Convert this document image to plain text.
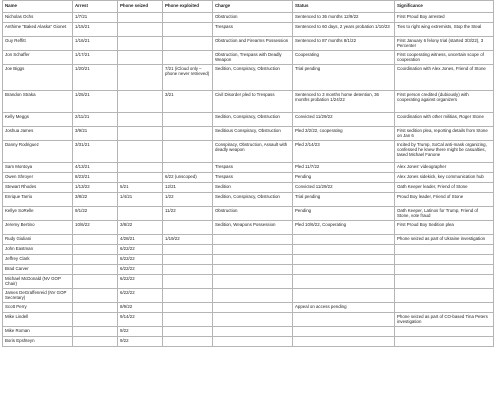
Name	Arrest	Phone seized	Phone exploited	Charge	Status	Significance
Nicholas Ochs	1/7/21			Obstruction	Sentenced to 36 months 12/9/22	First Proud Boy arrested
Anthime "Baked Alaska" Gionet	1/15/21			Trespass	Sentenced to 60 days, 2 years probation 1/10/23	Ties to right wing extremists, Stop the Steal
Guy Reffitt	1/16/21			Obstruction and Firearms Possession	Sentenced to 87 months 8/1/22	First January 6 felony trial (started 3/3/22), 3 Percenter
Jon Schaffer	1/17/21			Obstruction, Trespass with Deadly Weapon	Cooperating	First cooperating witness, uncertain scope of cooperation
Joe Biggs	1/20/21		7/21 (iCloud only – phone never retrieved)	Sedition, Conspiracy, Obstruction	Trial pending	Coordination with Alex Jones, Friend of Stone
Brandon Straka	1/25/21		3/21	Civil Disorder pled to Trespass	Sentenced to 3 months home detention, 36 months probation 1/24/22	First person credited (dubiously) with cooperating against organizers
Kelly Meggs	2/11/21			Sedition, Conspiracy, Obstruction	Convicted 11/29/22	Coordination with other militias, Roger Stone
Joshua James	3/9/21			Seditious Conspiracy, Obstruction	Pled 3/2/22, cooperating	First sedition plea, reporting details from Stone on Jan 6
Danny Rodriguez	3/31/21			Conspiracy, Obstruction, Assault with deadly weapon	Pled 2/14/23	Incited by Trump, SoCal anti-mask organizing, confessed he knew there might be casualties, tased Michael Fanone
Sam Montoya	4/13/21			Trespass	Pled 11/7/22	Alex Jones' videographer
Owen Shroyer	8/23/21		6/22 (unscoped)	Trespass	Pending	Alex Jones sidekick, key communication hub
Stewart Rhodes	1/13/22	5/21	12/21	Sedition	Convicted 11/29/22	Oath Keeper leader, Friend of Stone
Enrique Tarrio	3/8/22	1/4/21	1/22	Sedition, Conspiracy, Obstruction	Trial pending	Proud Boy leader, Friend of Stone
Kellye SoRelle	9/1/22		11/22	Obstruction	Pending	Oath Keeper, Latinos for Trump, Friend of Stone, vote fraud
Jeremy Bertino	10/6/22	3/8/22		Sedition, Weapons Possession	Pled 10/6/22, Cooperating	First Proud Boy Sedition plea
Rudy Giuliani		4/28/21	1/19/22			Phone seized as part of Ukraine investigation
John Eastman		6/22/22				
Jeffrey Clark		6/22/22				
Brad Carver		6/22/22				
Michael McDonald (NV GOP Chair)		6/22/22				
James DeGraffenreid (NV GOP Secretary)		6/22/22				
Scott Perry		8/9/22			Appeal on access pending	
Mike Lindell		9/14/22				Phone seized as part of CO-based Tina Peters investigation
Mike Roman		9/22				
Boris Epshteyn		9/22				
